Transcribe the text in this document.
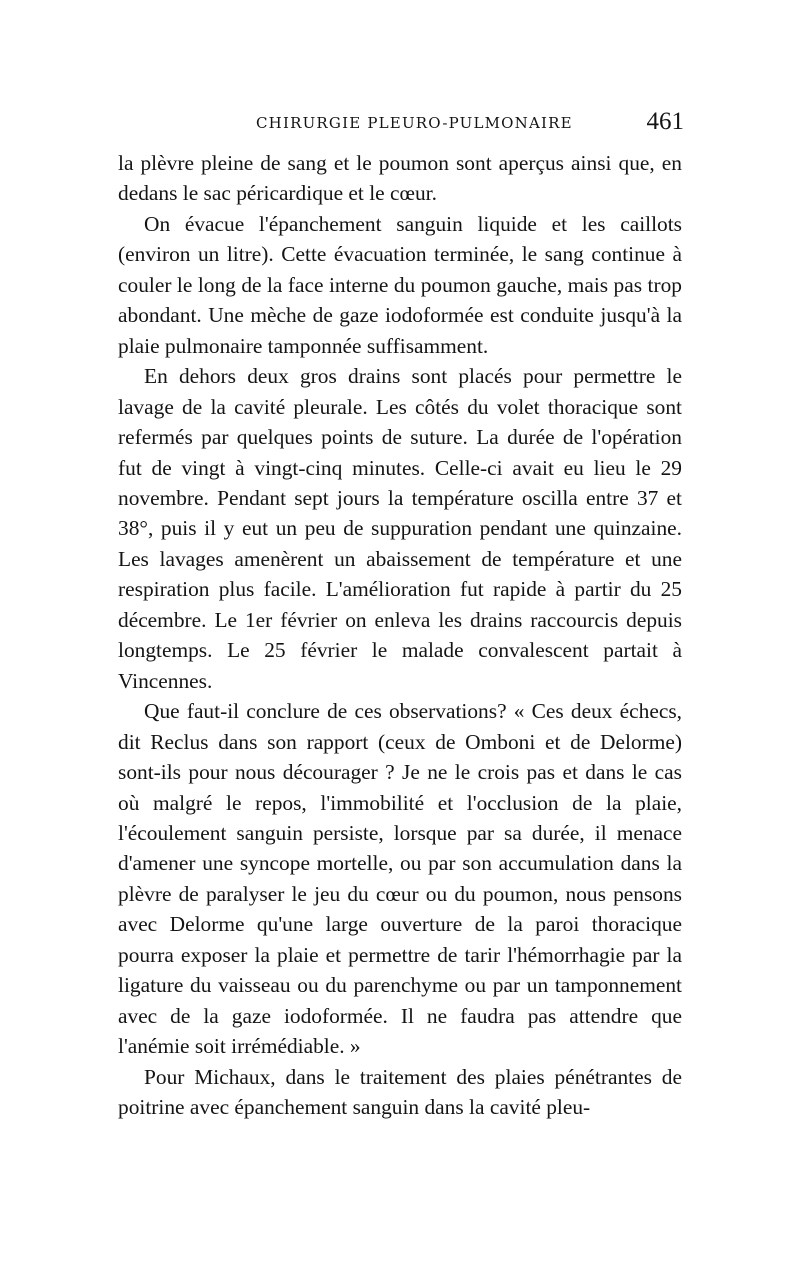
CHIRURGIE PLEURO-PULMONAIRE	461

la plèvre pleine de sang et le poumon sont aperçus ainsi que, en dedans le sac péricardique et le cœur.

On évacue l'épanchement sanguin liquide et les caillots (environ un litre). Cette évacuation terminée, le sang continue à couler le long de la face interne du poumon gauche, mais pas trop abondant. Une mèche de gaze iodoformée est conduite jusqu'à la plaie pulmonaire tamponnée suffisamment.

En dehors deux gros drains sont placés pour permettre le lavage de la cavité pleurale. Les côtés du volet thoracique sont refermés par quelques points de suture. La durée de l'opération fut de vingt à vingt-cinq minutes. Celle-ci avait eu lieu le 29 novembre. Pendant sept jours la température oscilla entre 37 et 38°, puis il y eut un peu de suppuration pendant une quinzaine. Les lavages amenèrent un abaissement de température et une respiration plus facile. L'amélioration fut rapide à partir du 25 décembre. Le 1er février on enleva les drains raccourcis depuis longtemps. Le 25 février le malade convalescent partait à Vincennes.

Que faut-il conclure de ces observations? « Ces deux échecs, dit Reclus dans son rapport (ceux de Omboni et de Delorme) sont-ils pour nous décourager ? Je ne le crois pas et dans le cas où malgré le repos, l'immobilité et l'occlusion de la plaie, l'écoulement sanguin persiste, lorsque par sa durée, il menace d'amener une syncope mortelle, ou par son accumulation dans la plèvre de paralyser le jeu du cœur ou du poumon, nous pensons avec Delorme qu'une large ouverture de la paroi thoracique pourra exposer la plaie et permettre de tarir l'hémorrhagie par la ligature du vaisseau ou du parenchyme ou par un tamponnement avec de la gaze iodoformée. Il ne faudra pas attendre que l'anémie soit irrémédiable. »

Pour Michaux, dans le traitement des plaies pénétrantes de poitrine avec épanchement sanguin dans la cavité pleu-
